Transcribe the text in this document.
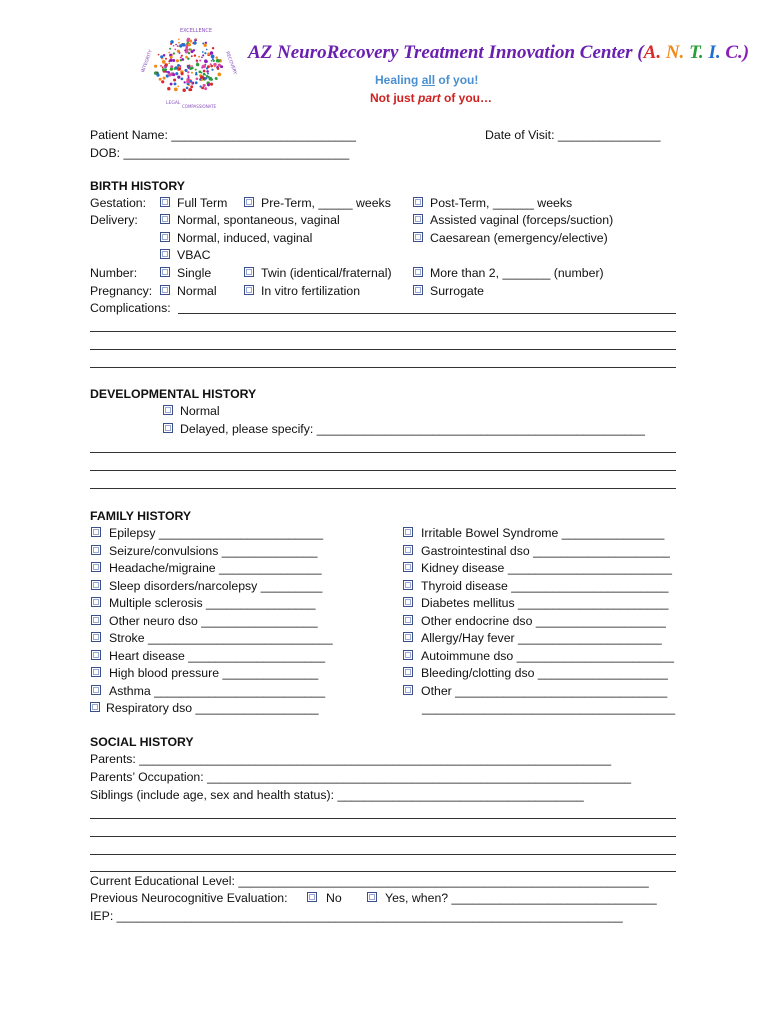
EXCELLENCE
INTEGRITY	RECOVERY
LEGAL
COMPASSIONATE
AZ NeuroRecovery Treatment Innovation Center (A. N. T. I. C.)
Healing all of you!
Not just part of you…
Patient Name: ___________________________	Date of Visit: _______________
DOB: _________________________________
BIRTH HISTORY
Gestation:	Full Term	Pre-Term, _____ weeks	Post-Term, ______ weeks
Delivery:	Normal, spontaneous, vaginal	Assisted vaginal (forceps/suction)
Normal, induced, vaginal	Caesarean (emergency/elective)
VBAC
Number:	Single	Twin (identical/fraternal)	More than 2, _______ (number)
Pregnancy: Normal	In vitro fertilization	Surrogate
Complications:
DEVELOPMENTAL HISTORY
Normal
Delayed, please specify: ________________________________________________
FAMILY HISTORY
Epilepsy ________________________
Seizure/convulsions ______________
Headache/migraine _______________
Sleep disorders/narcolepsy _________
Multiple sclerosis ________________
Other neuro dso _________________
Stroke ___________________________
Heart disease ____________________
High blood pressure ______________
Asthma _________________________
Respiratory dso __________________
Irritable Bowel Syndrome _______________
Gastrointestinal dso ____________________
Kidney disease ________________________
Thyroid disease _______________________
Diabetes mellitus ______________________
Other endocrine dso ___________________
Allergy/Hay fever _____________________
Autoimmune dso _______________________
Bleeding/clotting dso ___________________
Other _______________________________
_____________________________________
SOCIAL HISTORY
Parents: _____________________________________________________________________
Parents’ Occupation: ______________________________________________________________
Siblings (include age, sex and health status): ____________________________________
Current Educational Level: ____________________________________________________________
Previous Neurocognitive Evaluation:	No	Yes, when? ______________________________
IEP: __________________________________________________________________________
